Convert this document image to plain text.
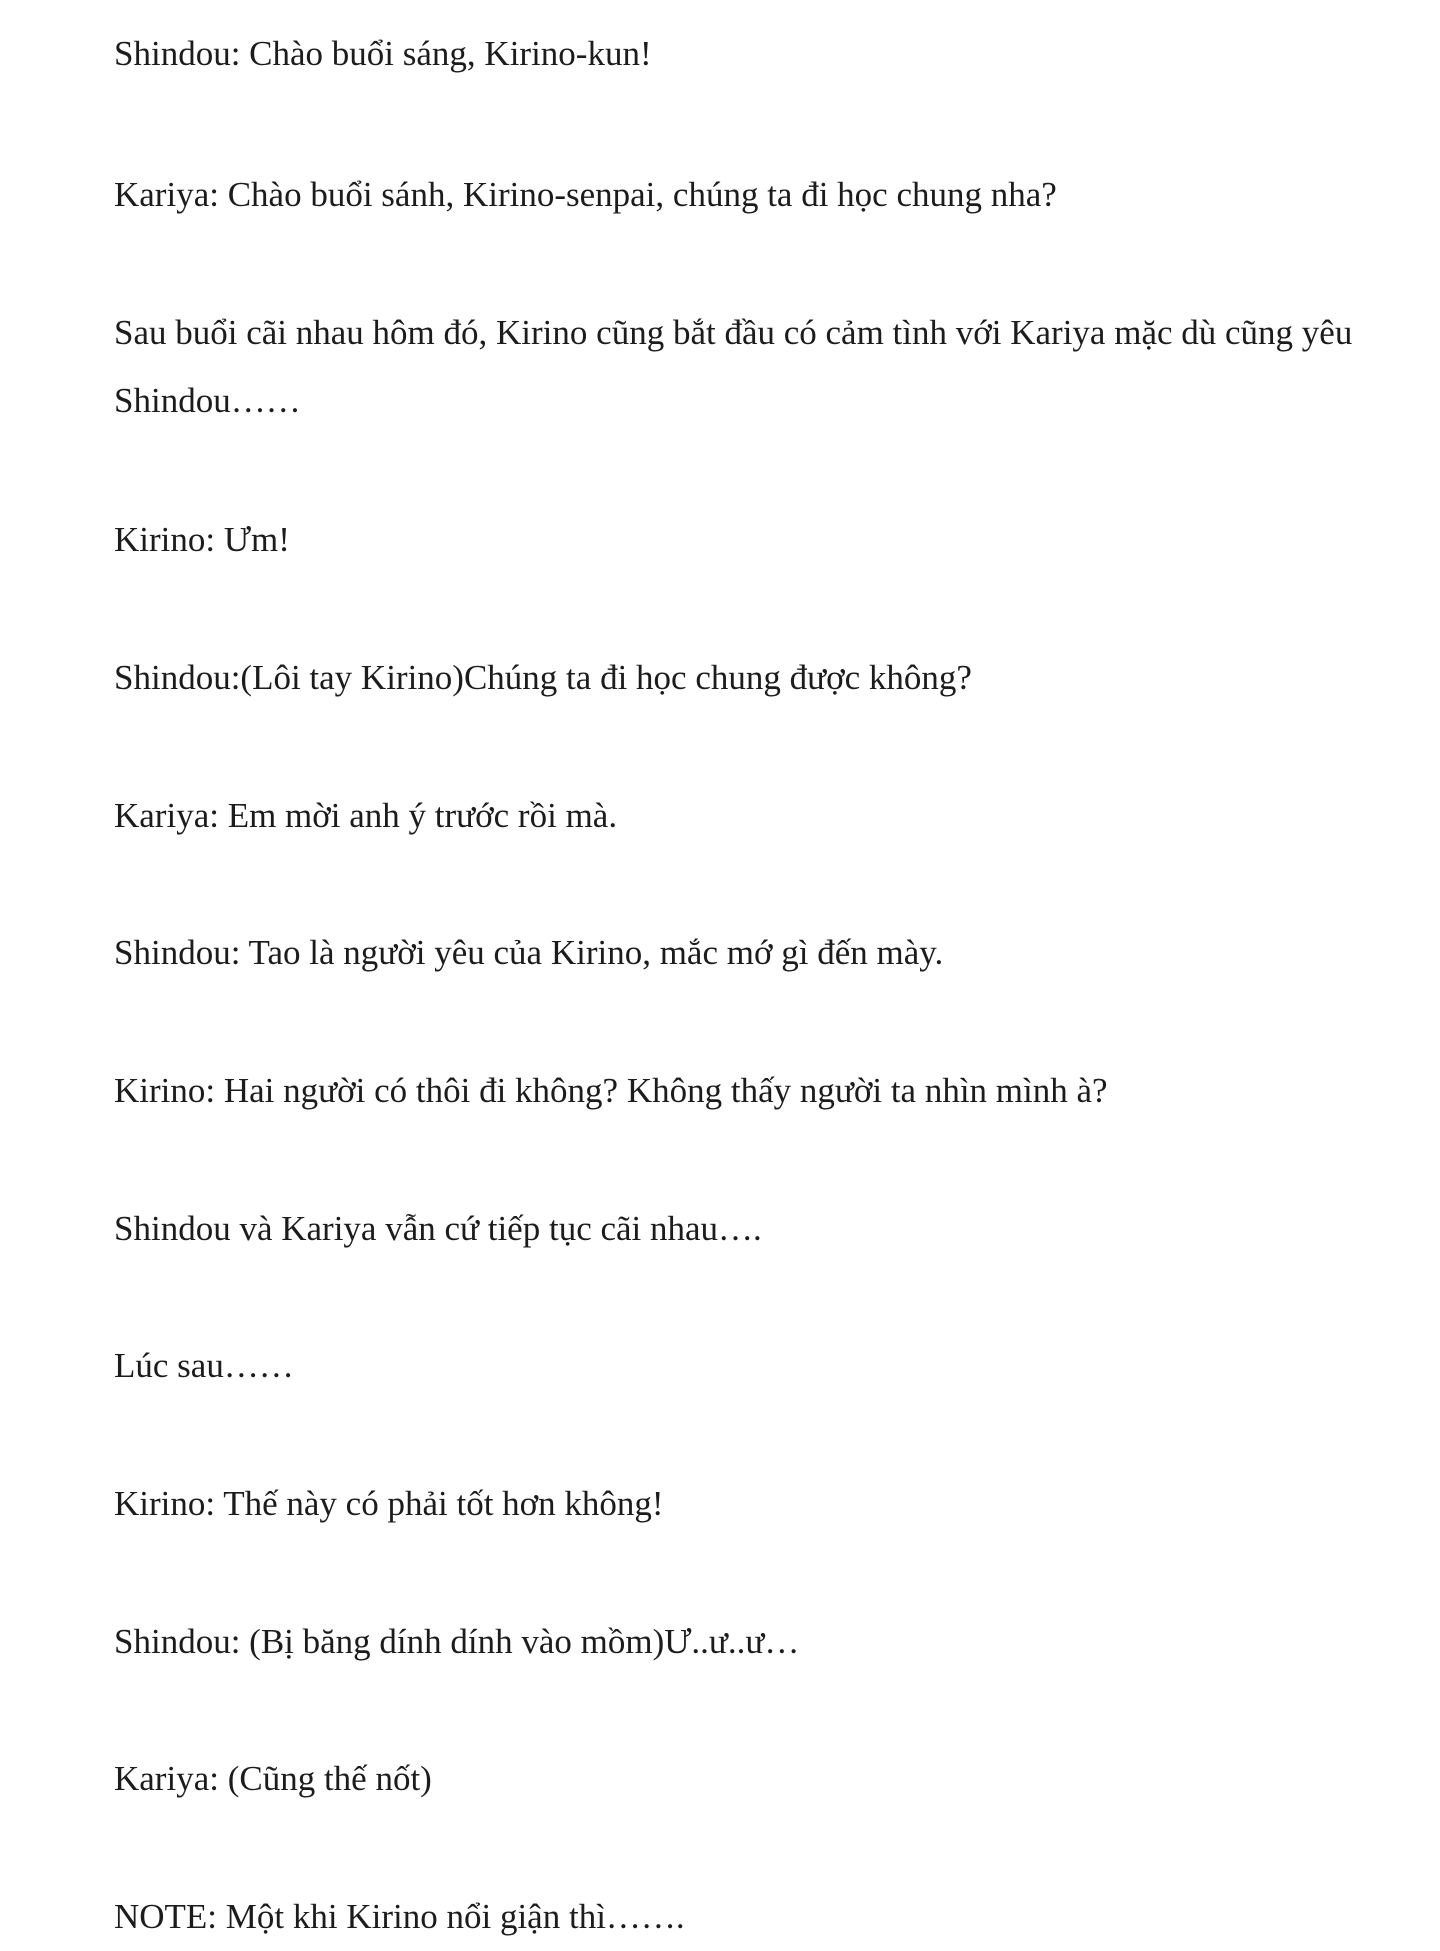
Shindou: Chào buổi sáng, Kirino-kun!

Kariya: Chào buổi sánh, Kirino-senpai, chúng ta đi học chung nha?

Sau buổi cãi nhau hôm đó, Kirino cũng bắt đầu có cảm tình với Kariya mặc dù cũng yêu Shindou……

Kirino: Ưm!

Shindou:(Lôi tay Kirino)Chúng ta đi học chung được không?

Kariya: Em mời anh ý trước rồi mà.

Shindou: Tao là người yêu của Kirino, mắc mớ gì đến mày.

Kirino: Hai người có thôi đi không? Không thấy người ta nhìn mình à?

Shindou và Kariya vẫn cứ tiếp tục cãi nhau….

Lúc sau……

Kirino: Thế này có phải tốt hơn không!

Shindou: (Bị băng dính dính vào mồm)Ư..ư..ư…

Kariya: (Cũng thế nốt)

NOTE: Một khi Kirino nổi giận thì…….
